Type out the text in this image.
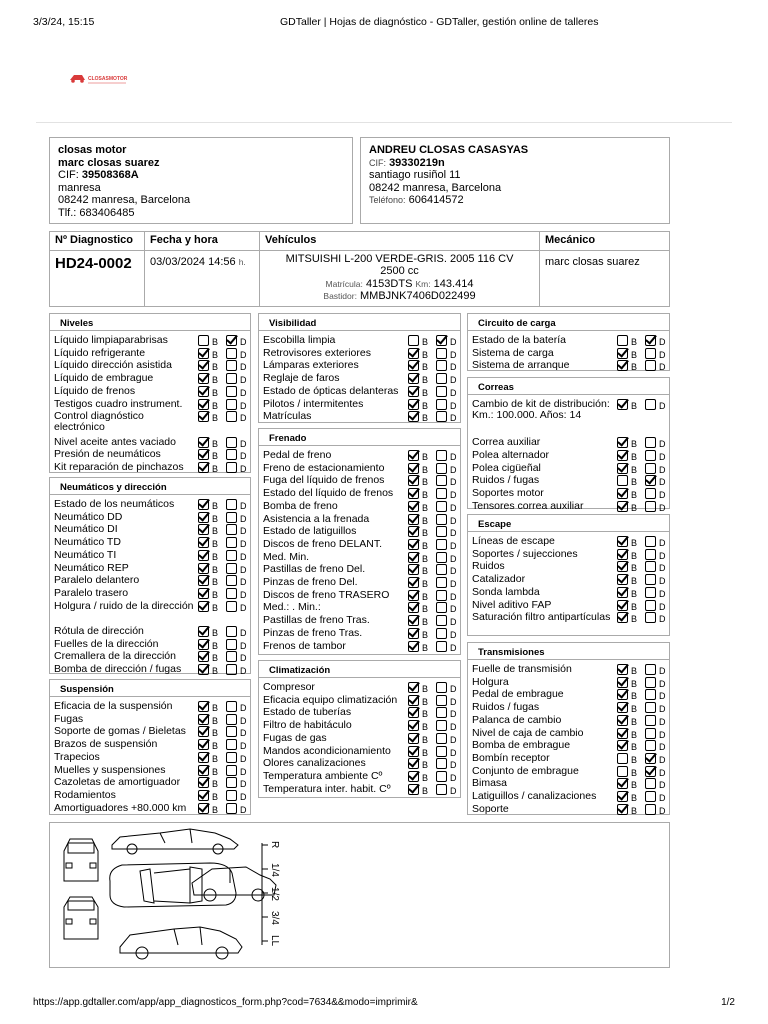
3/3/24, 15:15	GDTaller | Hojas de diagnóstico - GDTaller, gestión online de talleres
CLOSASMOTOR
closas motor
marc closas suarez
CIF: 39508368A
manresa
08242 manresa, Barcelona
Tlf.: 683406485
ANDREU CLOSAS CASASYAS
CIF: 39330219n
santiago rusiñol 11
08242 manresa, Barcelona
Teléfono: 606414572
Nº Diagnostico	Fecha y hora	Vehículos	Mecánico
HD24-0002	03/03/2024 14:56 h.	MITSUISHI L-200 VERDE-GRIS. 2005 116 CV
2500 cc
Matrícula: 4153DTS Km: 143.414
Bastidor: MMBJNK7406D022499	marc closas suarez
Niveles
Líquido limpiaparabrisas	B D
Líquido refrigerante	B D
Líquido dirección asistida	B D
Líquido de embrague	B D
Líquido de frenos	B D
Testigos cuadro instrument.	B D
Control diagnóstico electrónico
B D
Nivel aceite antes vaciado	B D
Presión de neumáticos	B D
Kit reparación de pinchazos	B D
Neumáticos y dirección
Estado de los neumáticos	B D
Neumático DD	B D
Neumático DI	B D
Neumático TD	B D
Neumático TI	B D
Neumático REP	B D
Paralelo delantero	B D
Paralelo trasero	B D
Holgura / ruido de la dirección B D
Rótula de dirección	B D
Fuelles de la dirección	B D
Cremallera de la dirección	B D
Bomba de dirección / fugas	B D
Suspensión
Eficacia de la suspensión	B D
Fugas	B D
Soporte de gomas / Bieletas	B D
Brazos de suspensión	B D
Trapecios	B D
Muelles y suspensiones	B D
Cazoletas de amortiguador	B D
Rodamientos	B D
Amortiguadores +80.000 km	B D
Visibilidad
Escobilla limpia	B D
Retrovisores exteriores	B D
Lámparas exteriores	B D
Reglaje de faros	B D
Estado de ópticas delanteras	B D
Pilotos / intermitentes	B D
Matrículas	B D
Frenado
Pedal de freno	B D
Freno de estacionamiento	B D
Fuga del líquido de frenos	B D
Estado del líquido de frenos	B D
Bomba de freno	B D
Asistencia a la frenada	B D
Estado de latiguillos	B D
Discos de freno DELANT.	B D
Med. Min.	B D
Pastillas de freno Del.	B D
Pinzas de freno Del.	B D
Discos de freno TRASERO	B D
Med.: . Min.:	B D
Pastillas de freno Tras.	B D
Pinzas de freno Tras.	B D
Frenos de tambor	B D
Climatización
Compresor	B D
Eficacia equipo climatización	B D
Estado de tuberías	B D
Filtro de habitáculo	B D
Fugas de gas	B D
Mandos acondicionamiento	B D
Olores canalizaciones	B D
Temperatura ambiente Cº	B D
Temperatura inter. habit. Cº	B D
Circuito de carga
Estado de la batería	B D
Sistema de carga	B D
Sistema de arranque	B D
Correas
Cambio de kit de distribución: Km.: 100.000. Años: 14
B D
Correa auxiliar	B D
Polea alternador	B D
Polea cigüeñal	B D
Ruidos / fugas	B D
Soportes motor	B D
Tensores correa auxiliar	B D
Escape
Líneas de escape	B D
Soportes / sujecciones	B D
Ruidos	B D
Catalizador	B D
Sonda lambda	B D
Nivel aditivo FAP	B D
Saturación filtro antipartículas B D
Transmisiones
Fuelle de transmisión	B D
Holgura	B D
Pedal de embrague	B D
Ruidos / fugas	B D
Palanca de cambio	B D
Nivel de caja de cambio	B D
Bomba de embrague	B D
Bombín receptor	B D
Conjunto de embrague	B D
Bimasa	B D
Latiguillos / canalizaciones	B D
Soporte	B D
R
1/4
1/2
3/4
LL
https://app.gdtaller.com/app/app_diagnosticos_form.php?cod=7634&&modo=imprimir&	1/2
